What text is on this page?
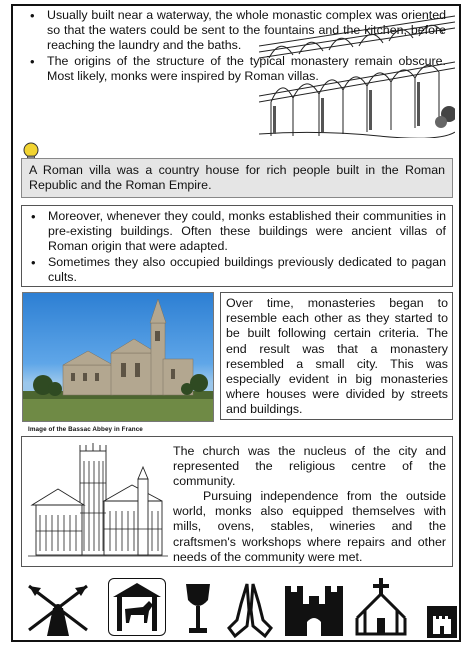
• Usually built near a waterway, the whole monastic complex was oriented so that the waters could be sent to the fountains and the kitchen, before reaching the laundry and the baths.
• The origins of the structure of the typical monastery remain obscure. Most likely, monks were inspired by Roman villas.
A Roman villa was a country house for rich people built in the Roman Republic and the Roman Empire.
• Moreover, whenever they could, monks established their communities in pre-existing buildings. Often these buildings were ancient villas of Roman origin that were adapted.
• Sometimes they also occupied buildings previously dedicated to pagan cults.
Image of the Bassac Abbey in France
Over time, monasteries began to resemble each other as they started to be built following certain criteria. The end result was that a monastery resembled a small city. This was especially evident in big monasteries where houses were divided by streets and buildings.
The church was the nucleus of the city and represented the religious centre of the community.
Pursuing independence from the outside world, monks also equipped themselves with mills, ovens, stables, wineries and the craftsmen's workshops where repairs and other needs of the community were met.
